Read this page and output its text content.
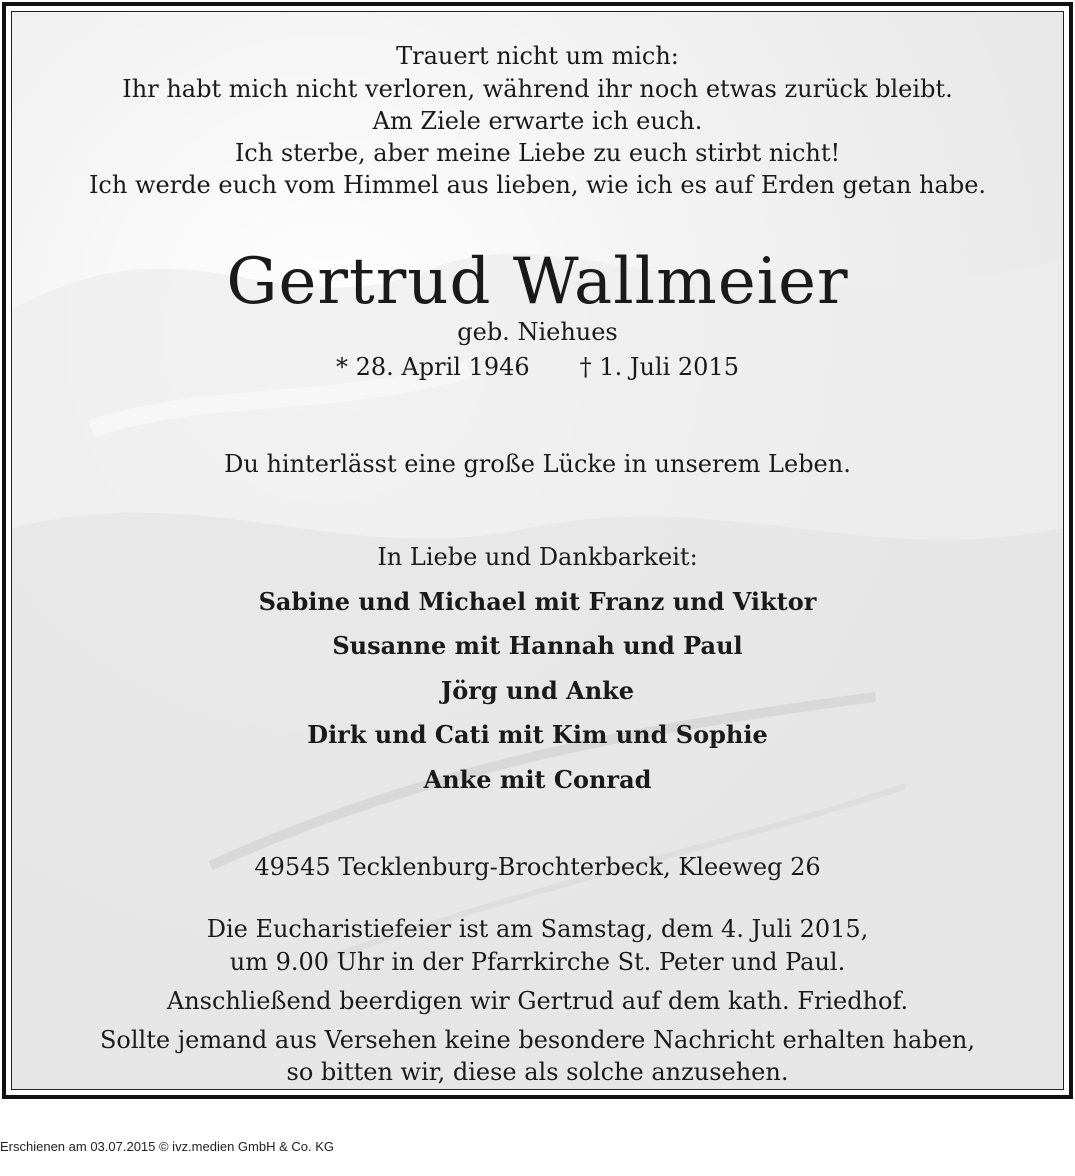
Trauert nicht um mich:
Ihr habt mich nicht verloren, während ihr noch etwas zurück bleibt.
Am Ziele erwarte ich euch.
Ich sterbe, aber meine Liebe zu euch stirbt nicht!
Ich werde euch vom Himmel aus lieben, wie ich es auf Erden getan habe.
Gertrud Wallmeier
geb. Niehues
* 28. April 1946 † 1. Juli 2015
Du hinterlässt eine große Lücke in unserem Leben.
In Liebe und Dankbarkeit:
Sabine und Michael mit Franz und Viktor
Susanne mit Hannah und Paul
Jörg und Anke
Dirk und Cati mit Kim und Sophie
Anke mit Conrad
49545 Tecklenburg-Brochterbeck, Kleeweg 26
Die Eucharistiefeier ist am Samstag, dem 4. Juli 2015,
um 9.00 Uhr in der Pfarrkirche St. Peter und Paul.
Anschließend beerdigen wir Gertrud auf dem kath. Friedhof.
Sollte jemand aus Versehen keine besondere Nachricht erhalten haben,
so bitten wir, diese als solche anzusehen.
Erschienen am 03.07.2015 © ivz.medien GmbH & Co. KG
